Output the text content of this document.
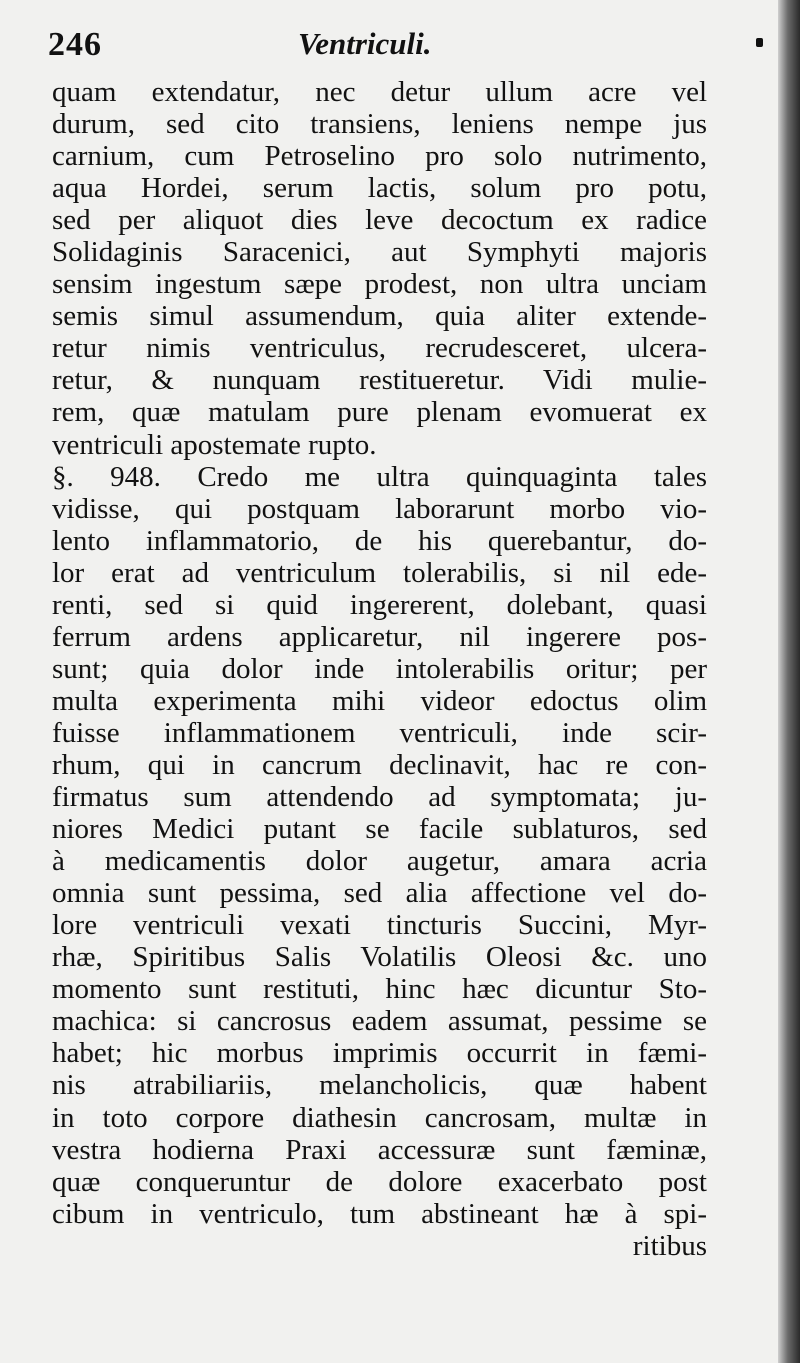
246	Ventriculi.
quam extendatur, nec detur ullum acre vel
durum, sed cito transiens, leniens nempe jus
carnium, cum Petroselino pro solo nutrimento,
aqua Hordei, serum lactis, solum pro potu,
sed per aliquot dies leve decoctum ex radice
Solidaginis Saracenici, aut Symphyti majoris
sensim ingestum sæpe prodest, non ultra unciam
semis simul assumendum, quia aliter extende-
retur nimis ventriculus, recrudesceret, ulcera-
retur, & nunquam restitueretur. Vidi mulie-
rem, quæ matulam pure plenam evomuerat ex
ventriculi apostemate rupto.
§. 948. Credo me ultra quinquaginta tales
vidisse, qui postquam laborarunt morbo vio-
lento inflammatorio, de his querebantur, do-
lor erat ad ventriculum tolerabilis, si nil ede-
renti, sed si quid ingererent, dolebant, quasi
ferrum ardens applicaretur, nil ingerere pos-
sunt; quia dolor inde intolerabilis oritur; per
multa experimenta mihi videor edoctus olim
fuisse inflammationem ventriculi, inde scir-
rhum, qui in cancrum declinavit, hac re con-
firmatus sum attendendo ad symptomata; ju-
niores Medici putant se facile sublaturos, sed
à medicamentis dolor augetur, amara acria
omnia sunt pessima, sed alia affectione vel do-
lore ventriculi vexati tincturis Succini, Myr-
rhæ, Spiritibus Salis Volatilis Oleosi &c. uno
momento sunt restituti, hinc hæc dicuntur Sto-
machica: si cancrosus eadem assumat, pessime se
habet; hic morbus imprimis occurrit in fæmi-
nis atrabiliariis, melancholicis, quæ habent
in toto corpore diathesin cancrosam, multæ in
vestra hodierna Praxi accessuræ sunt fæminæ,
quæ conqueruntur de dolore exacerbato post
cibum in ventriculo, tum abstineant hæ à spi-
ritibus
